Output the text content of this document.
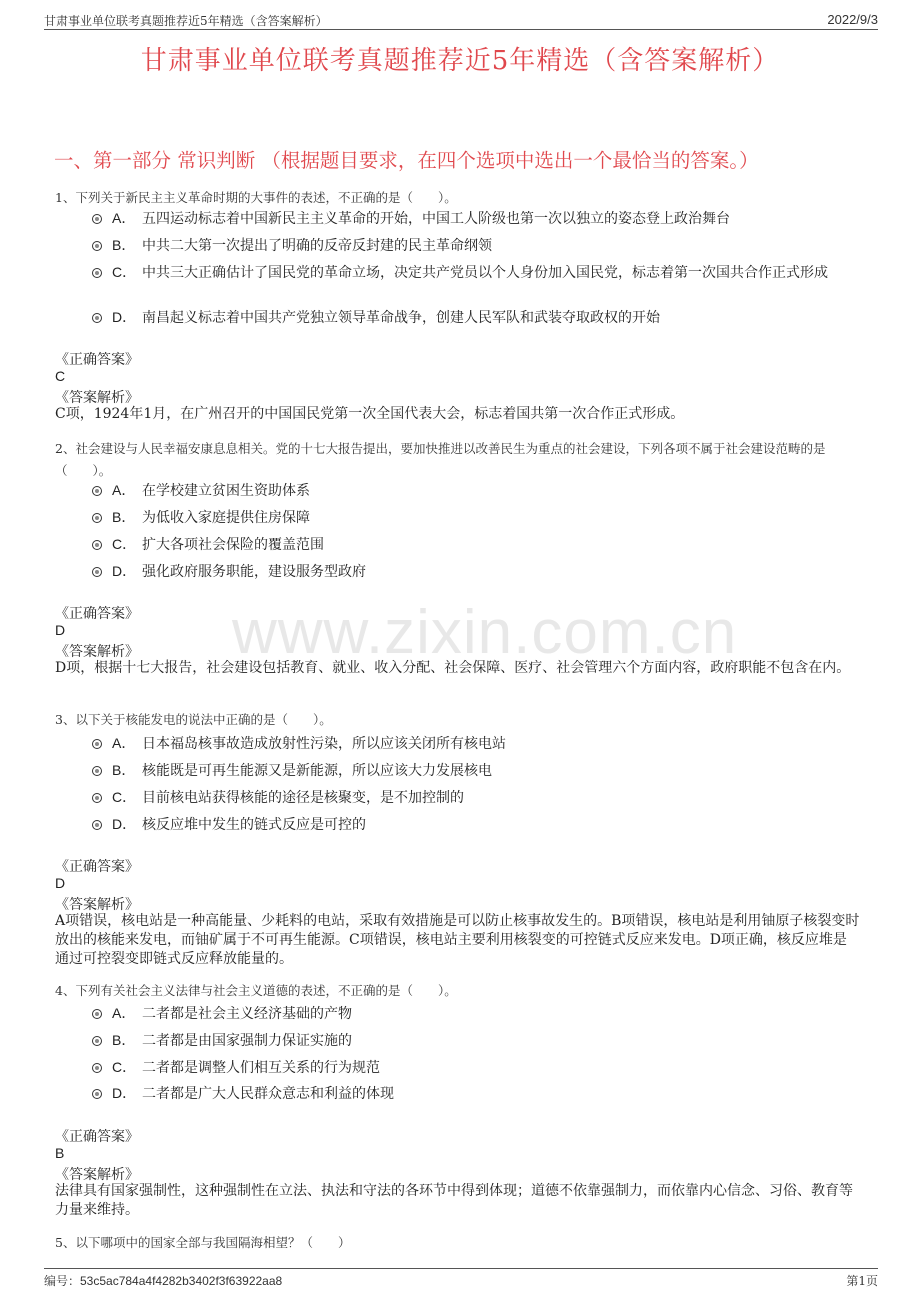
甘肃事业单位联考真题推荐近5年精选（含答案解析）	2022/9/3
甘肃事业单位联考真题推荐近5年精选（含答案解析）
一、第一部分 常识判断 （根据题目要求，在四个选项中选出一个最恰当的答案。）
www.zixin.com.cn
1、下列关于新民主主义革命时期的大事件的表述，不正确的是（　　）。
A． 五四运动标志着中国新民主主义革命的开始，中国工人阶级也第一次以独立的姿态登上政治舞台
B． 中共二大第一次提出了明确的反帝反封建的民主革命纲领
C． 中共三大正确估计了国民党的革命立场，决定共产党员以个人身份加入国民党，标志着第一次国共合作正式形成
D． 南昌起义标志着中国共产党独立领导革命战争，创建人民军队和武装夺取政权的开始
《正确答案》
C
《答案解析》
C项，1924年1月，在广州召开的中国国民党第一次全国代表大会，标志着国共第一次合作正式形成。
2、社会建设与人民幸福安康息息相关。党的十七大报告提出，要加快推进以改善民生为重点的社会建设，下列各项不属于社会建设范畴的是（　　）。
A． 在学校建立贫困生资助体系
B． 为低收入家庭提供住房保障
C． 扩大各项社会保险的覆盖范围
D． 强化政府服务职能，建设服务型政府
《正确答案》
D
《答案解析》
D项，根据十七大报告，社会建设包括教育、就业、收入分配、社会保障、医疗、社会管理六个方面内容，政府职能不包含在内。
3、以下关于核能发电的说法中正确的是（　　）。
A． 日本福岛核事故造成放射性污染，所以应该关闭所有核电站
B． 核能既是可再生能源又是新能源，所以应该大力发展核电
C． 目前核电站获得核能的途径是核聚变，是不加控制的
D． 核反应堆中发生的链式反应是可控的
《正确答案》
D
《答案解析》
A项错误，核电站是一种高能量、少耗料的电站，采取有效措施是可以防止核事故发生的。B项错误，核电站是利用铀原子核裂变时放出的核能来发电，而铀矿属于不可再生能源。C项错误，核电站主要利用核裂变的可控链式反应来发电。D项正确，核反应堆是通过可控裂变即链式反应释放能量的。
4、下列有关社会主义法律与社会主义道德的表述，不正确的是（　　）。
A． 二者都是社会主义经济基础的产物
B． 二者都是由国家强制力保证实施的
C． 二者都是调整人们相互关系的行为规范
D． 二者都是广大人民群众意志和利益的体现
《正确答案》
B
《答案解析》
法律具有国家强制性，这种强制性在立法、执法和守法的各环节中得到体现；道德不依靠强制力，而依靠内心信念、习俗、教育等力量来维持。
5、以下哪项中的国家全部与我国隔海相望？（　　）
编号：53c5ac784a4f4282b3402f3f63922aa8	第1页
